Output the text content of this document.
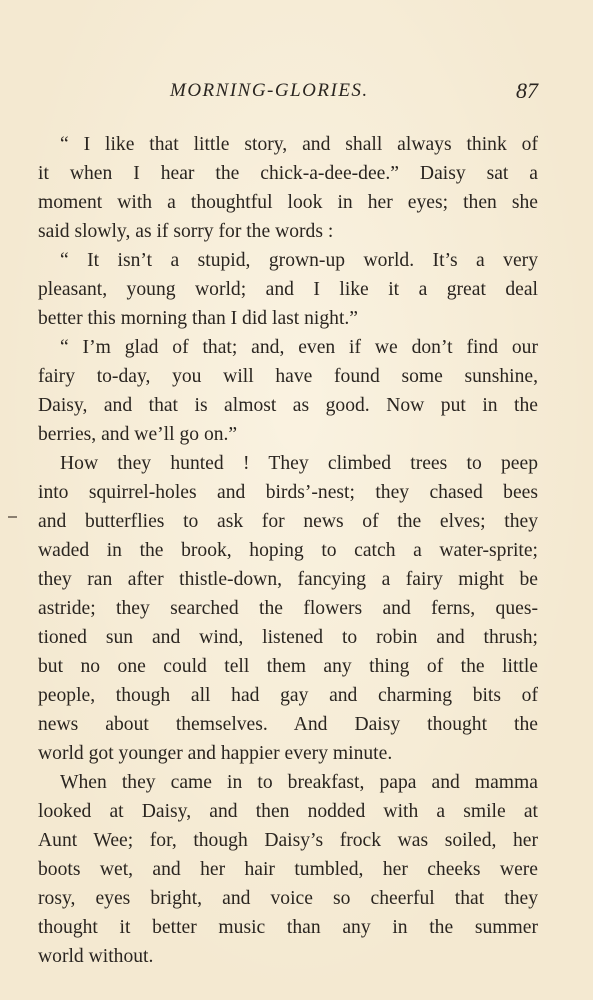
MORNING-GLORIES.	87
“ I like that little story, and shall always think of
it when I hear the chick-a-dee-dee.” Daisy sat a
moment with a thoughtful look in her eyes; then she
said slowly, as if sorry for the words :
“ It isn’t a stupid, grown-up world. It’s a very
pleasant, young world; and I like it a great deal
better this morning than I did last night.”
“ I’m glad of that; and, even if we don’t find our
fairy to-day, you will have found some sunshine,
Daisy, and that is almost as good. Now put in the
berries, and we’ll go on.”
How they hunted ! They climbed trees to peep
into squirrel-holes and birds’-nest; they chased bees
and butterflies to ask for news of the elves; they
waded in the brook, hoping to catch a water-sprite;
they ran after thistle-down, fancying a fairy might be
astride; they searched the flowers and ferns, ques-
tioned sun and wind, listened to robin and thrush;
but no one could tell them any thing of the little
people, though all had gay and charming bits of
news about themselves. And Daisy thought the
world got younger and happier every minute.
When they came in to breakfast, papa and mamma
looked at Daisy, and then nodded with a smile at
Aunt Wee; for, though Daisy’s frock was soiled, her
boots wet, and her hair tumbled, her cheeks were
rosy, eyes bright, and voice so cheerful that they
thought it better music than any in the summer
world without.
